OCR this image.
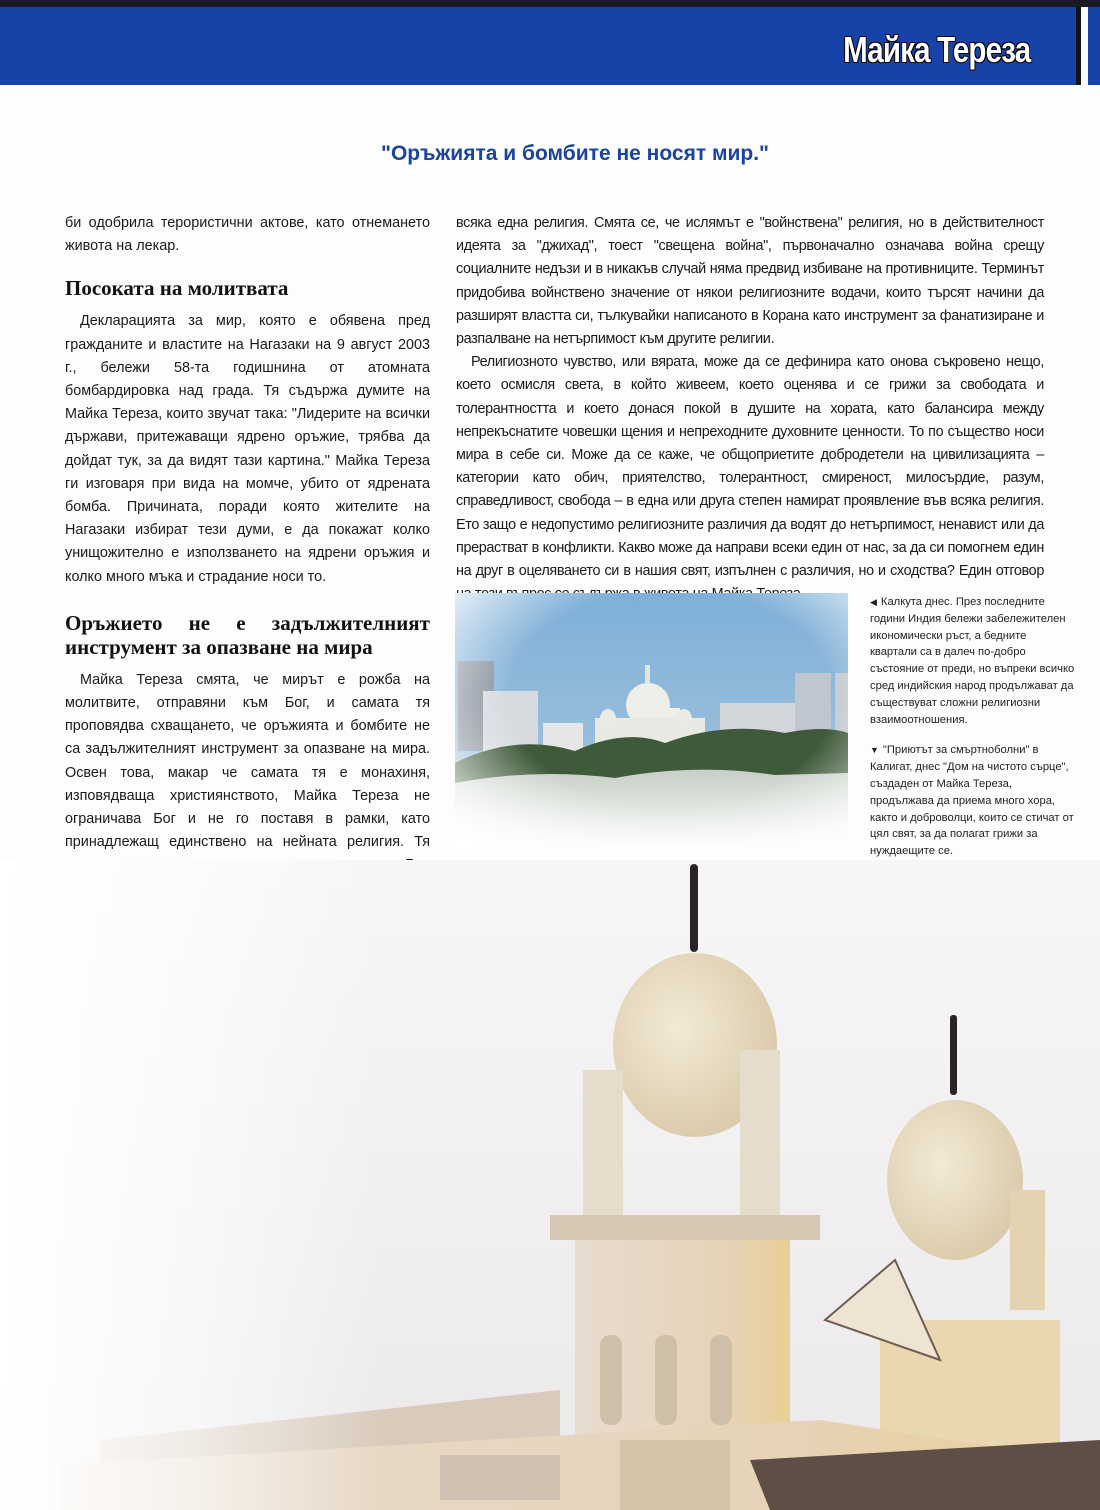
Майка Тереза
"Оръжията и бомбите не носят мир."

би одобрила терористични актове, като отнемането живота на лекар.

Посоката на молитвата

Декларацията за мир, която е обявена пред гражданите и властите на Нагазаки на 9 август 2003 г., бележи 58-та годишнина от атомната бомбардировка над града. Тя съдържа думите на Майка Тереза, които звучат така: "Лидерите на всички държави, притежаващи ядрено оръжие, трябва да дойдат тук, за да видят тази картина." Майка Тереза ги изговаря при вида на момче, убито от ядрената бомба. Причината, поради която жителите на Нагазаки избират тези думи, е да покажат колко унищожително е използването на ядрени оръжия и колко много мъка и страдание носи то.

Оръжието не е задължителният инструмент за опазване на мира

Майка Тереза смята, че мирът е рожба на молитвите, отправяни към Бог, и самата тя проповядва схващането, че оръжията и бомбите не са задължителният инструмент за опазване на мира. Освен това, макар че самата тя е монахиня, изповядваща християнството, Майка Тереза не ограничава Бог и не го поставя в рамки, като принадлежащ единствено на нейната религия. Тя

всяка една религия. Смята се, че ислямът е "войнствена" религия, но в действителност идеята за "джихад", тоест "свещена война", първоначално означава война срещу социалните недъзи и в никакъв случай няма предвид избиване на противниците. Терминът придобива войнствено значение от някои религиозните водачи, които търсят начини да разширят властта си, тълкувайки написаното в Корана като инструмент за фанатизиране и разпалване на нетърпимост към другите религии.

Религиозното чувство, или вярата, може да се дефинира като онова съкровено нещо, което осмисля света, в който живеем, което оценява и се грижи за свободата и толерантността и което донася покой в душите на хората, като балансира между непрекъснатите човешки щения и непреходните духовните ценности. То по същество носи мира в себе си. Може да се каже, че общоприетите добродетели на цивилизацията – категории като обич, приятелство, толерантност, смиреност, милосърдие, разум, справедливост, свобода – в една или друга степен намират проявление във всяка религия. Ето защо е недопустимо религиозните различия да водят до нетърпимост, ненавист или да прерастват в конфликти. Какво може да направи всеки един от нас, за да си помогнем един на друг в оцеляването си в нашия свят, изпълнен с различия, но и сходства? Един отговор

◀ Калкута днес. През последните години Индия бележи забележителен икономически ръст, а бедните квартали са в далеч по-добро състояние от преди, но въпреки всичко сред индийския народ продължават да съществуват сложни религиозни взаимоотношения.

▼ "Приютът за смъртноболни" в Калигат, днес "Дом на чистото сърце", създаден от Майка Тереза, продължава да приема много хора, както и доброволци, които се стичат от цял свят, за да полагат грижи за нуждаещите се.
